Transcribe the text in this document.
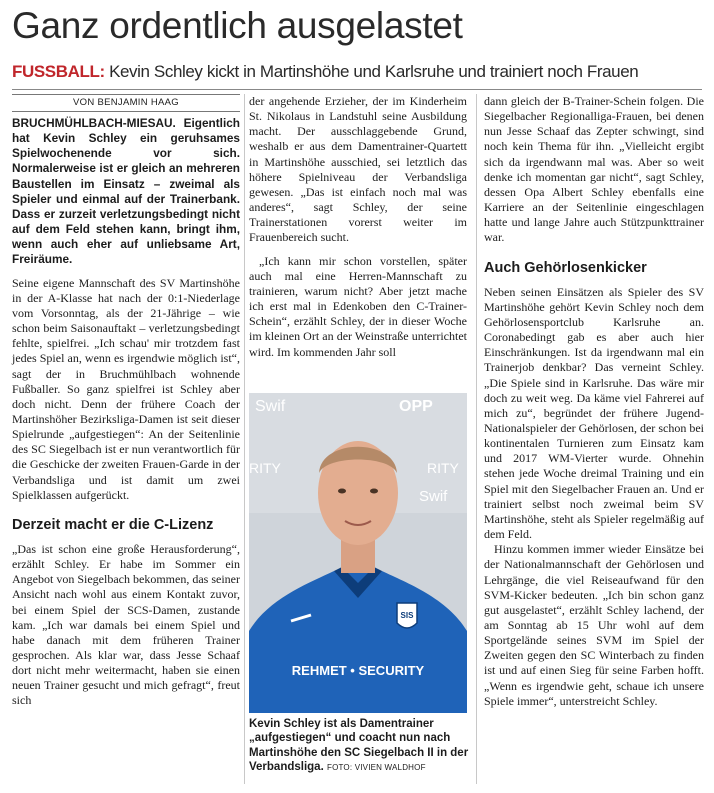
Ganz ordentlich ausgelastet
FUSSBALL: Kevin Schley kickt in Martinshöhe und Karlsruhe und trainiert noch Frauen
VON BENJAMIN HAAG

BRUCHMÜHLBACH-MIESAU. Eigentlich hat Kevin Schley ein geruhsames Spielwochenende vor sich. Normalerweise ist er gleich an mehreren Baustellen im Einsatz – zweimal als Spieler und einmal auf der Trainerbank. Dass er zurzeit verletzungsbedingt nicht auf dem Feld stehen kann, bringt ihm, wenn auch eher auf unliebsame Art, Freiräume.

Seine eigene Mannschaft des SV Martinshöhe in der A-Klasse hat nach der 0:1-Niederlage vom Vorsonntag, als der 21-Jährige – wie schon beim Saisonauftakt – verletzungsbedingt fehlte, spielfrei. „Ich schau' mir trotzdem fast jedes Spiel an, wenn es irgendwie möglich ist“, sagt der in Bruchmühlbach wohnende Fußballer. So ganz spielfrei ist Schley aber doch nicht. Denn der frühere Coach der Martinshöher Bezirksliga-Damen ist seit dieser Spielrunde „aufgestiegen“: An der Seitenlinie des SC Siegelbach ist er nun verantwortlich für die Geschicke der zweiten Frauen-Garde in der Verbandsliga und ist damit um zwei Spielklassen aufgerückt.

Derzeit macht er die C-Lizenz

„Das ist schon eine große Herausforderung“, erzählt Schley. Er habe im Sommer ein Angebot von Siegelbach bekommen, das seiner Ansicht nach wohl aus einem Kontakt zuvor, bei einem Spiel der SCS-Damen, zustande kam. „Ich war damals bei einem Spiel und habe danach mit dem früheren Trainer gesprochen. Als klar war, dass Jesse Schaaf dort nicht mehr weitermacht, haben sie einen neuen Trainer gesucht und mich gefragt“, freut sich

der angehende Erzieher, der im Kinderheim St. Nikolaus in Landstuhl seine Ausbildung macht. Der ausschlaggebende Grund, weshalb er aus dem Damentrainer-Quartett in Martinshöhe ausschied, sei letztlich das höhere Spielniveau der Verbandsliga gewesen. „Das ist einfach noch mal was anderes“, sagt Schley, der seine Trainerstationen vorerst weiter im Frauenbereich sucht.

„Ich kann mir schon vorstellen, später auch mal eine Herren-Mannschaft zu trainieren, warum nicht? Aber jetzt mache ich erst mal in Edenkoben den C-Trainer-Schein“, erzählt Schley, der in dieser Woche im kleinen Ort an der Weinstraße unterrichtet wird. Im kommenden Jahr soll

Swif	OPP
RITY	RITY
Swif
SIS
REHMET • SECURITY
Kevin Schley ist als Damentrainer „aufgestiegen“ und coacht nun nach Martinshöhe den SC Siegelbach II in der Verbandsliga. FOTO: VIVIEN WALDHOF

dann gleich der B-Trainer-Schein folgen. Die Siegelbacher Regionalliga-Frauen, bei denen nun Jesse Schaaf das Zepter schwingt, sind noch kein Thema für ihn. „Vielleicht ergibt sich da irgendwann mal was. Aber so weit denke ich momentan gar nicht“, sagt Schley, dessen Opa Albert Schley ebenfalls eine Karriere an der Seitenlinie eingeschlagen hatte und lange Jahre auch Stützpunkttrainer war.

Auch Gehörlosenkicker

Neben seinen Einsätzen als Spieler des SV Martinshöhe gehört Kevin Schley noch dem Gehörlosensportclub Karlsruhe an. Coronabedingt gab es aber auch hier Einschränkungen. Ist da irgendwann mal ein Trainerjob denkbar? Das verneint Schley. „Die Spiele sind in Karlsruhe. Das wäre mir doch zu weit weg. Da käme viel Fahrerei auf mich zu“, begründet der frühere Jugend-Nationalspieler der Gehörlosen, der schon bei kontinentalen Turnieren zum Einsatz kam und 2017 WM-Vierter wurde. Ohnehin stehen jede Woche dreimal Training und ein Spiel mit den Siegelbacher Frauen an. Und er trainiert selbst noch zweimal beim SV Martinshöhe, steht als Spieler regelmäßig auf dem Feld.

Hinzu kommen immer wieder Einsätze bei der Nationalmannschaft der Gehörlosen und Lehrgänge, die viel Reiseaufwand für den SVM-Kicker bedeuten. „Ich bin schon ganz gut ausgelastet“, erzählt Schley lachend, der am Sonntag ab 15 Uhr wohl auf dem Sportgelände seines SVM im Spiel der Zweiten gegen den SC Winterbach zu finden ist und auf einen Sieg für seine Farben hofft. „Wenn es irgendwie geht, schaue ich unsere Spiele immer“, unterstreicht Schley.
